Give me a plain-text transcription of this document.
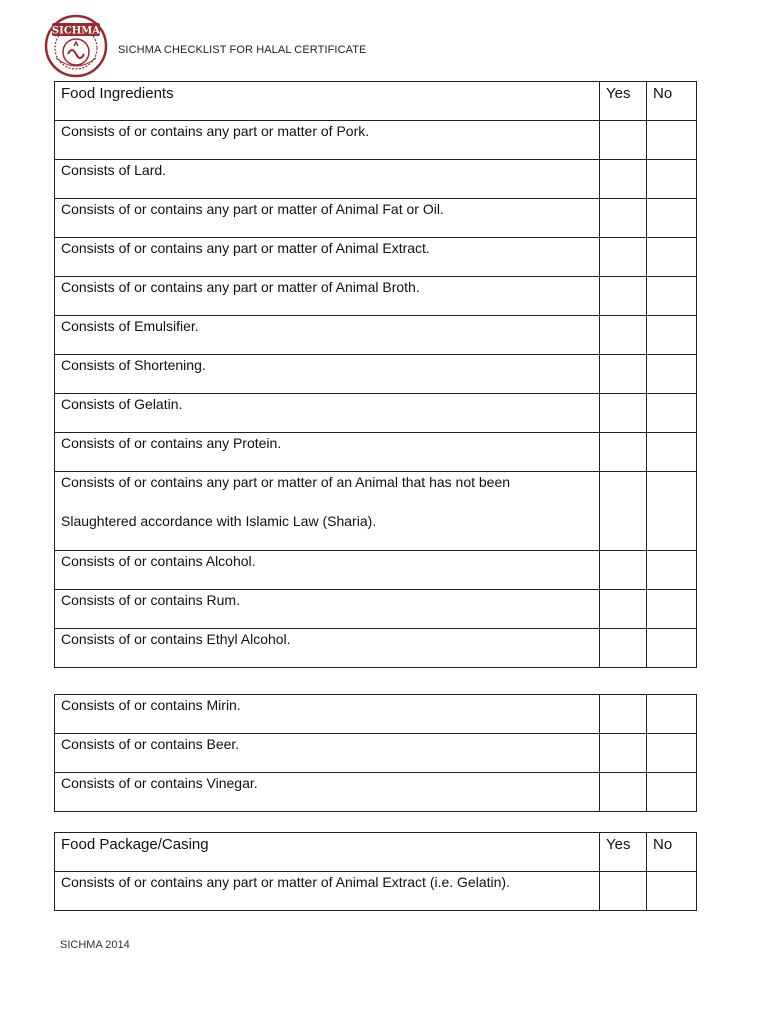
SICHMA
SICHMA CHECKLIST FOR HALAL CERTIFICATE
Food Ingredients	Yes	No
Consists of or contains any part or matter of Pork.		
Consists of Lard.		
Consists of or contains any part or matter of Animal Fat or Oil.		
Consists of or contains any part or matter of Animal Extract.		
Consists of or contains any part or matter of Animal Broth.		
Consists of Emulsifier.		
Consists of Shortening.		
Consists of Gelatin.		
Consists of or contains any Protein.		

Consists of or contains any part or matter of an Animal that has not been
Slaughtered accordance with Islamic Law (Sharia).		

Consists of or contains Alcohol.		
Consists of or contains Rum.		
Consists of or contains Ethyl Alcohol.		
Consists of or contains Mirin.		
Consists of or contains Beer.		
Consists of or contains Vinegar.		
Food Package/Casing	Yes	No
Consists of or contains any part or matter of Animal Extract (i.e. Gelatin).		
SICHMA 2014
